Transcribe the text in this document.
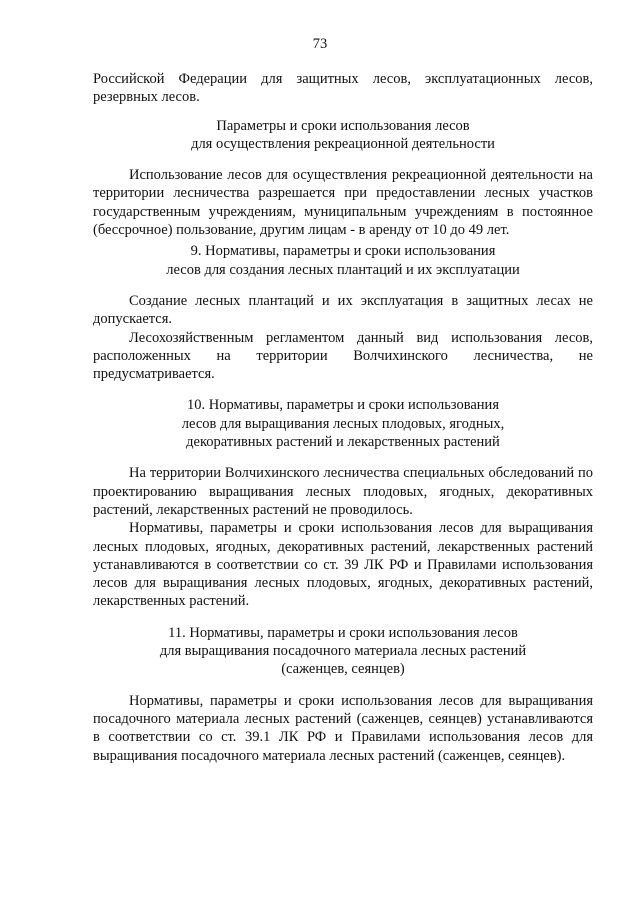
73

Российской Федерации для защитных лесов, эксплуатационных лесов, резервных лесов.

Параметры и сроки использования лесов
для осуществления рекреационной деятельности

Использование лесов для осуществления рекреационной деятельности на территории лесничества разрешается при предоставлении лесных участков государственным учреждениям, муниципальным учреждениям в постоянное (бессрочное) пользование, другим лицам - в аренду от 10 до 49 лет.

9. Нормативы, параметры и сроки использования
лесов для создания лесных плантаций и их эксплуатации

Создание лесных плантаций и их эксплуатация в защитных лесах не допускается.

Лесохозяйственным регламентом данный вид использования лесов, расположенных на территории Волчихинского лесничества, не предусматривается.

10. Нормативы, параметры и сроки использования
лесов для выращивания лесных плодовых, ягодных,
декоративных растений и лекарственных растений

На территории Волчихинского лесничества специальных обследований по проектированию выращивания лесных плодовых, ягодных, декоративных растений, лекарственных растений не проводилось.

Нормативы, параметры и сроки использования лесов для выращивания лесных плодовых, ягодных, декоративных растений, лекарственных растений устанавливаются в соответствии со ст. 39 ЛК РФ и Правилами использования лесов для выращивания лесных плодовых, ягодных, декоративных растений, лекарственных растений.

11. Нормативы, параметры и сроки использования лесов
для выращивания посадочного материала лесных растений
(саженцев, сеянцев)

Нормативы, параметры и сроки использования лесов для выращивания посадочного материала лесных растений (саженцев, сеянцев) устанавливаются в соответствии со ст. 39.1 ЛК РФ и Правилами использования лесов для выращивания посадочного материала лесных растений (саженцев, сеянцев).
